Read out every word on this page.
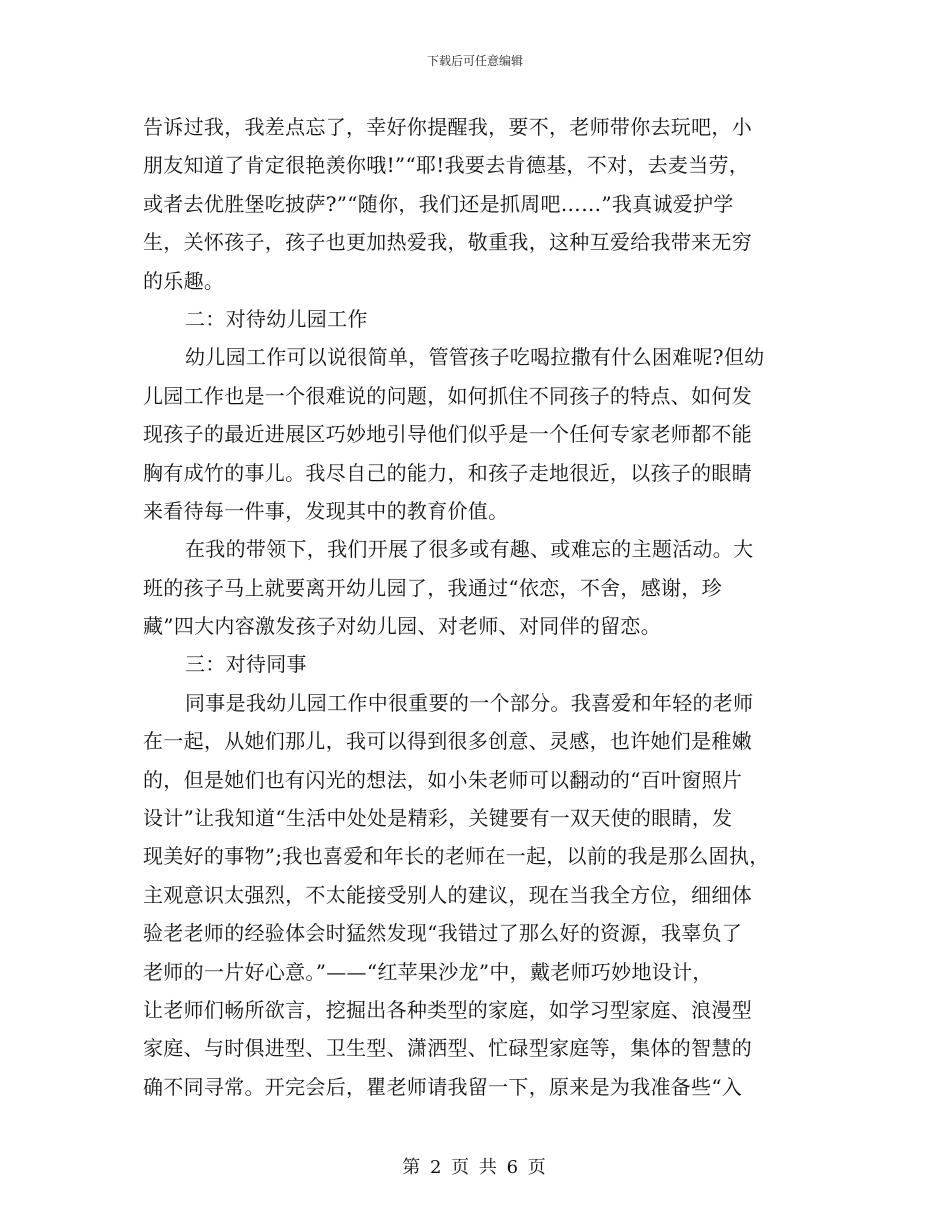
下载后可任意编辑
告诉过我，我差点忘了，幸好你提醒我，要不，老师带你去玩吧，小
朋友知道了肯定很艳羡你哦!”“耶!我要去肯德基，不对，去麦当劳，
或者去优胜堡吃披萨?”“随你，我们还是抓周吧……”我真诚爱护学
生，关怀孩子，孩子也更加热爱我，敬重我，这种互爱给我带来无穷
的乐趣。
二：对待幼儿园工作
幼儿园工作可以说很简单，管管孩子吃喝拉撒有什么困难呢?但幼
儿园工作也是一个很难说的问题，如何抓住不同孩子的特点、如何发
现孩子的最近进展区巧妙地引导他们似乎是一个任何专家老师都不能
胸有成竹的事儿。我尽自己的能力，和孩子走地很近，以孩子的眼睛
来看待每一件事，发现其中的教育价值。
在我的带领下，我们开展了很多或有趣、或难忘的主题活动。大
班的孩子马上就要离开幼儿园了，我通过“依恋，不舍，感谢，珍
藏”四大内容激发孩子对幼儿园、对老师、对同伴的留恋。
三：对待同事
同事是我幼儿园工作中很重要的一个部分。我喜爱和年轻的老师
在一起，从她们那儿，我可以得到很多创意、灵感，也许她们是稚嫩
的，但是她们也有闪光的想法，如小朱老师可以翻动的“百叶窗照片
设计”让我知道“生活中处处是精彩，关键要有一双天使的眼睛，发
现美好的事物”;我也喜爱和年长的老师在一起，以前的我是那么固执，
主观意识太强烈，不太能接受别人的建议，现在当我全方位，细细体
验老老师的经验体会时猛然发现“我错过了那么好的资源，我辜负了
老师的一片好心意。”——“红苹果沙龙”中，戴老师巧妙地设计，
让老师们畅所欲言，挖掘出各种类型的家庭，如学习型家庭、浪漫型
家庭、与时俱进型、卫生型、潇洒型、忙碌型家庭等，集体的智慧的
确不同寻常。开完会后，瞿老师请我留一下，原来是为我准备些“入
第 2 页 共 6 页
